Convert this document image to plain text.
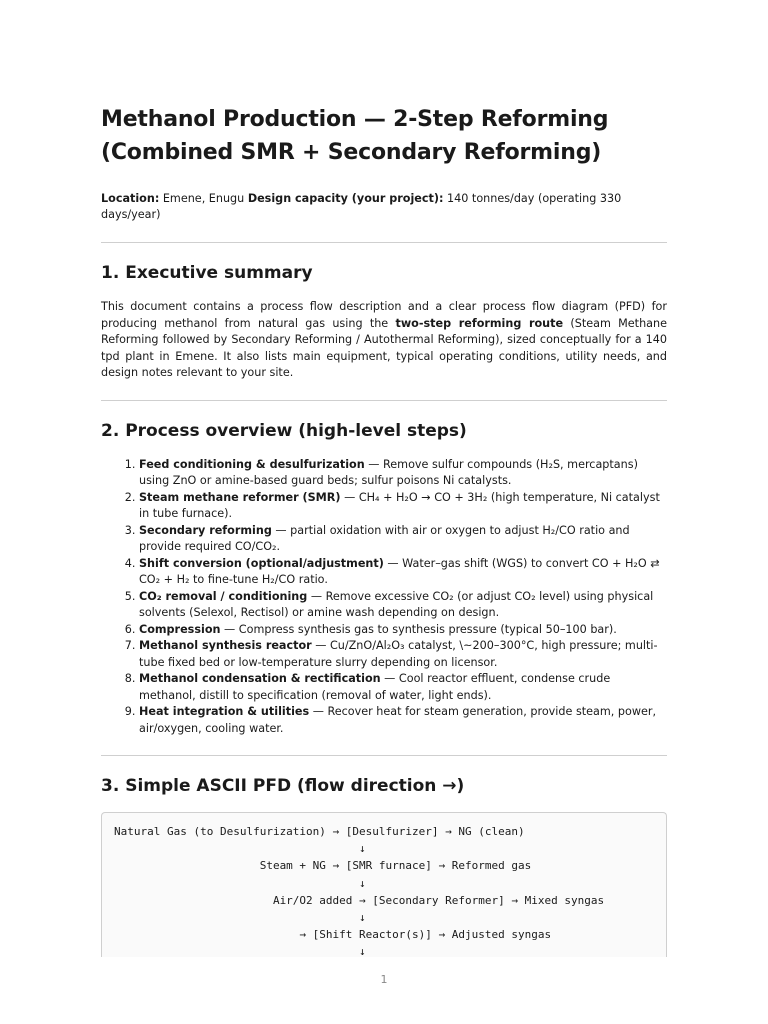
Methanol Production — 2-Step Reforming
(Combined SMR + Secondary Reforming)

Location: Emene, Enugu Design capacity (your project): 140 tonnes/day (operating 330 days/year)

1. Executive summary

This document contains a process flow description and a clear process flow diagram (PFD) for producing methanol from natural gas using the two-step reforming route (Steam Methane Reforming followed by Secondary Reforming / Autothermal Reforming), sized conceptually for a 140 tpd plant in Emene. It also lists main equipment, typical operating conditions, utility needs, and design notes relevant to your site.

2. Process overview (high-level steps)
1. Feed conditioning & desulfurization — Remove sulfur compounds (H₂S, mercaptans) using ZnO or amine-based guard beds; sulfur poisons Ni catalysts.
2. Steam methane reformer (SMR) — CH₄ + H₂O → CO + 3H₂ (high temperature, Ni catalyst in tube furnace).
3. Secondary reforming — partial oxidation with air or oxygen to adjust H₂/CO ratio and provide required CO/CO₂.
4. Shift conversion (optional/adjustment) — Water–gas shift (WGS) to convert CO + H₂O ⇄ CO₂ + H₂ to fine-tune H₂/CO ratio.
5. CO₂ removal / conditioning — Remove excessive CO₂ (or adjust CO₂ level) using physical solvents (Selexol, Rectisol) or amine wash depending on design.
6. Compression — Compress synthesis gas to synthesis pressure (typical 50–100 bar).
7. Methanol synthesis reactor — Cu/ZnO/Al₂O₃ catalyst, \~200–300°C, high pressure; multi-tube fixed bed or low-temperature slurry depending on licensor.
8. Methanol condensation & rectification — Cool reactor effluent, condense crude methanol, distill to specification (removal of water, light ends).
9. Heat integration & utilities — Recover heat for steam generation, provide steam, power, air/oxygen, cooling water.
3. Simple ASCII PFD (flow direction →)
Natural Gas (to Desulfurization) → [Desulfurizer] → NG (clean)
↓
Steam + NG → [SMR furnace] → Reformed gas
↓
Air/O2 added → [Secondary Reformer] → Mixed syngas
↓
→ [Shift Reactor(s)] → Adjusted syngas
↓
1
